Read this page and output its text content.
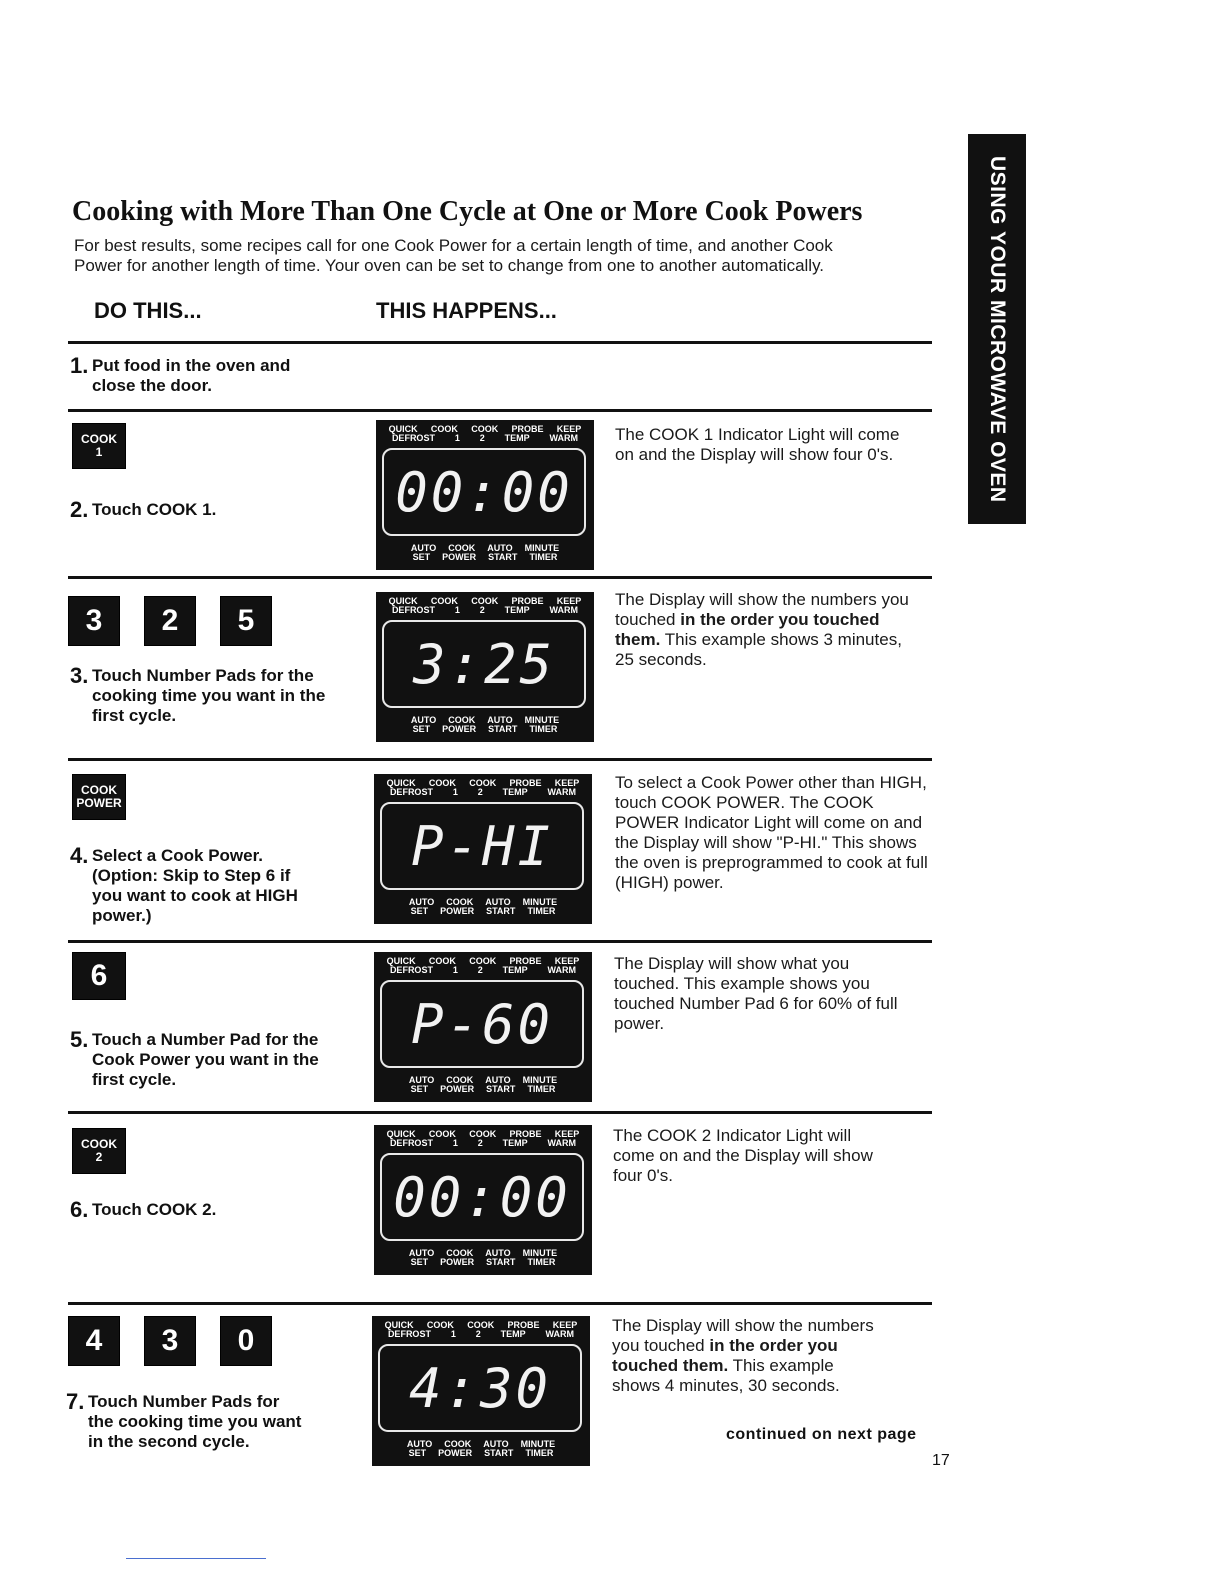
USING YOUR MICROWAVE OVEN
Cooking with More Than One Cycle at One or More Cook Powers
For best results, some recipes call for one Cook Power for a certain length of time, and another Cook Power for another length of time. Your oven can be set to change from one to another automatically.
DO THIS...	THIS HAPPENS...
1. Put food in the oven and
close the door.
COOK
1
2. Touch COOK 1.
QUICK COOK COOK PROBE KEEP
DEFROST 1 2 TEMP WARM
00:00
AUTO COOK AUTO MINUTE
SET POWER START TIMER
The COOK 1 Indicator Light will come on and the Display will show four 0's.
3	2	5
3. Touch Number Pads for the
cooking time you want in the
first cycle.
QUICK COOK COOK PROBE KEEP
DEFROST 1 2 TEMP WARM
3:25
AUTO COOK AUTO MINUTE
SET POWER START TIMER
The Display will show the numbers you touched in the order you touched them. This example shows 3 minutes, 25 seconds.
COOK
POWER
4. Select a Cook Power.
(Option: Skip to Step 6 if
you want to cook at HIGH
power.)
QUICK COOK COOK PROBE KEEP
DEFROST 1 2 TEMP WARM
P-HI
AUTO COOK AUTO MINUTE
SET POWER START TIMER
To select a Cook Power other than HIGH, touch COOK POWER. The COOK POWER Indicator Light will come on and the Display will show "P-HI." This shows the oven is preprogrammed to cook at full (HIGH) power.
6
5. Touch a Number Pad for the
Cook Power you want in the
first cycle.
QUICK COOK COOK PROBE KEEP
DEFROST 1 2 TEMP WARM
P-60
AUTO COOK AUTO MINUTE
SET POWER START TIMER
The Display will show what you touched. This example shows you touched Number Pad 6 for 60% of full power.
COOK
2
6. Touch COOK 2.
QUICK COOK COOK PROBE KEEP
DEFROST 1 2 TEMP WARM
00:00
AUTO COOK AUTO MINUTE
SET POWER START TIMER
The COOK 2 Indicator Light will come on and the Display will show four 0's.
4	3	0
7. Touch Number Pads for
the cooking time you want
in the second cycle.
QUICK COOK COOK PROBE KEEP
DEFROST 1 2 TEMP WARM
4:30
AUTO COOK AUTO MINUTE
SET POWER START TIMER
The Display will show the numbers you touched in the order you touched them. This example shows 4 minutes, 30 seconds.
continued on next page
17
